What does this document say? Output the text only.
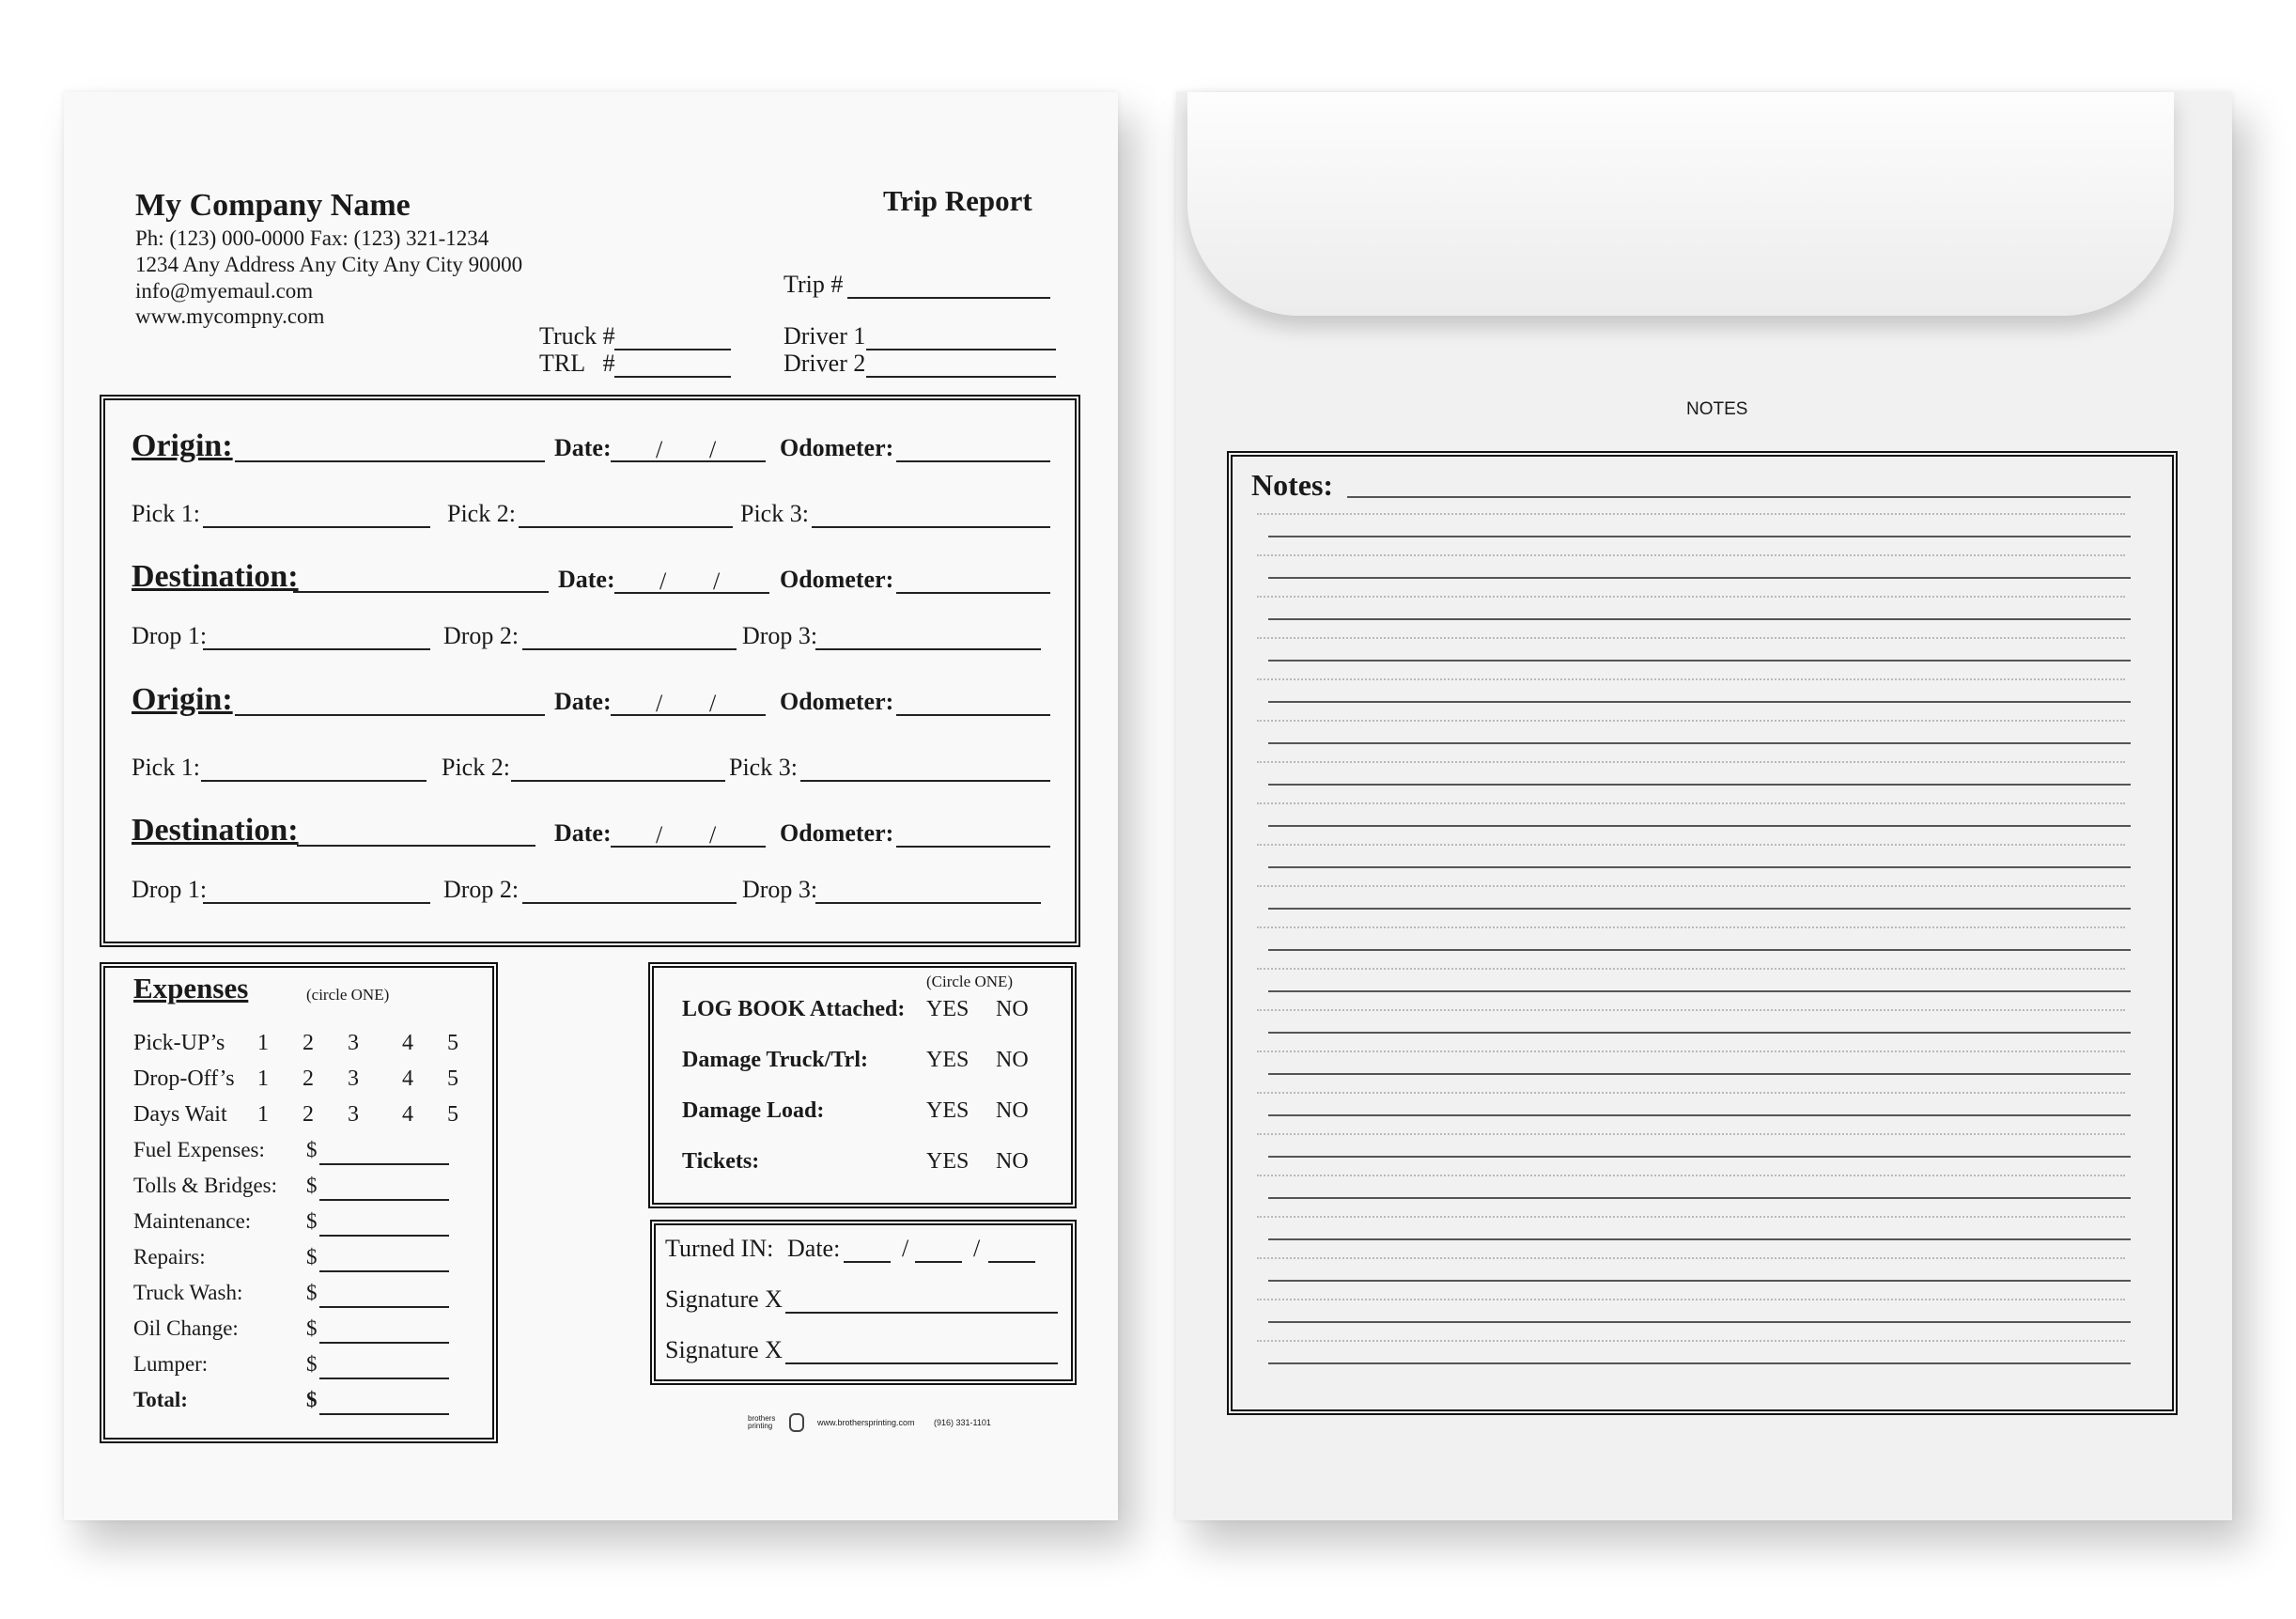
My Company Name
Ph: (123) 000-0000 Fax: (123) 321-1234
1234 Any Address Any City Any City 90000
info@myemaul.com
www.mycompny.com
Trip Report
Trip #
Truck #
TRL   #
Driver 1
Driver 2
Origin:	Date: / /	Odometer:
Pick 1:	Pick 2:	Pick 3:
Destination:	Date: / / Odometer:
Drop 1:	Drop 2:	Drop 3:
Origin:	Date: / /	Odometer:
Pick 1:	Pick 2:	Pick 3:
Destination:	Date: / /	Odometer:
Drop 1:	Drop 2:	Drop 3:
Expenses	(circle ONE)
Pick-UP’s 1 2 3 4 5
Drop-Off’s 1 2 3 4 5
Days Wait 1 2 3 4 5
Fuel Expenses: $
Tolls & Bridges: $
Maintenance:	$
Repairs:	$
Truck Wash:	$
Oil Change:	$
Lumper:	$
Total:	$
(Circle ONE)
LOG BOOK Attached: YES NO
Damage Truck/Trl:	YES NO
Damage Load:	YES NO
Tickets:	YES NO
Turned IN: Date:	/	/
Signature X
Signature X
brothers printing	www.brothersprinting.com (916) 331-1101
NOTES
Notes:
